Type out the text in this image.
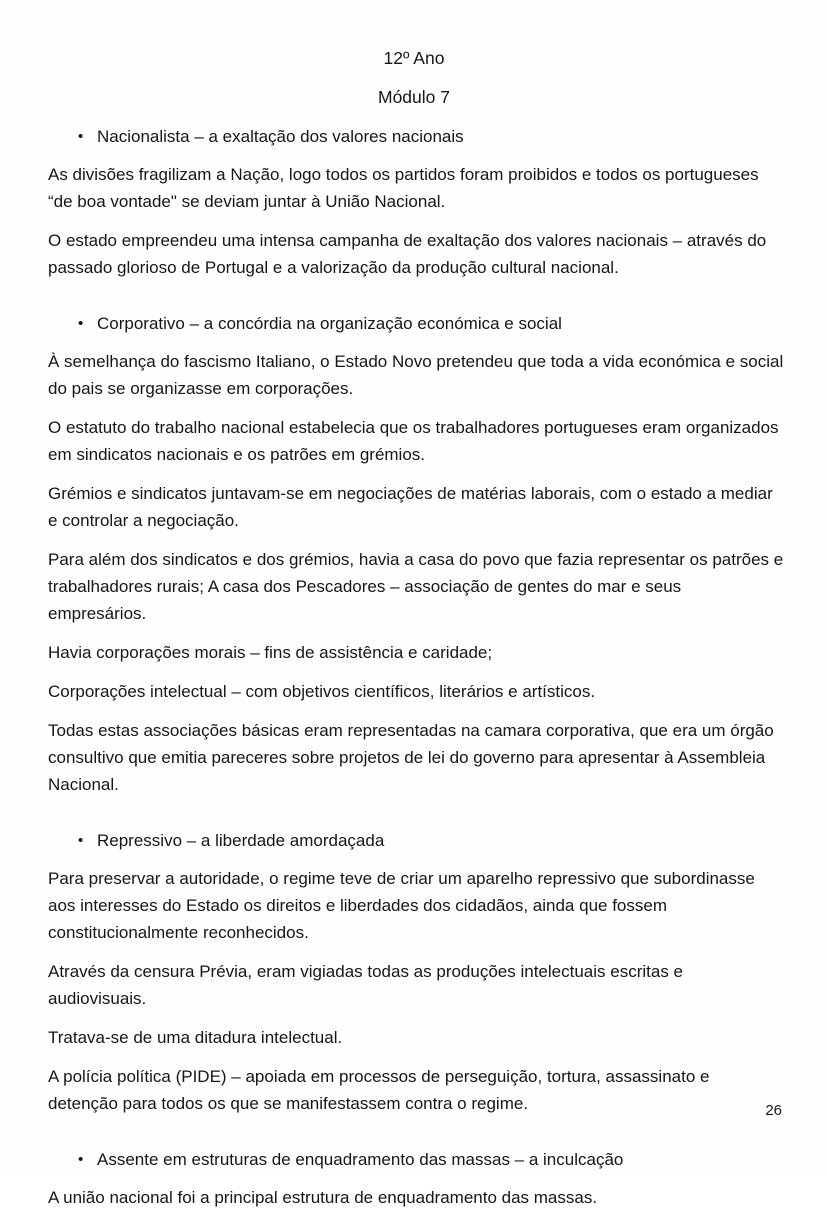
12º Ano
Módulo 7
• Nacionalista – a exaltação dos valores nacionais

As divisões fragilizam a Nação, logo todos os partidos foram proibidos e todos os portugueses “de boa vontade" se deviam juntar à União Nacional.

O estado empreendeu uma intensa campanha de exaltação dos valores nacionais – através do passado glorioso de Portugal e a valorização da produção cultural nacional.

• Corporativo – a concórdia na organização económica e social

À semelhança do fascismo Italiano, o Estado Novo pretendeu que toda a vida económica e social do pais se organizasse em corporações.

O estatuto do trabalho nacional estabelecia que os trabalhadores portugueses eram organizados em sindicatos nacionais e os patrões em grémios.

Grémios e sindicatos juntavam-se em negociações de matérias laborais, com o estado a mediar e controlar a negociação.

Para além dos sindicatos e dos grémios, havia a casa do povo que fazia representar os patrões e trabalhadores rurais; A casa dos Pescadores – associação de gentes do mar e seus empresários.

Havia corporações morais – fins de assistência e caridade;

Corporações intelectual – com objetivos científicos, literários e artísticos.

Todas estas associações básicas eram representadas na camara corporativa, que era um órgão consultivo que emitia pareceres sobre projetos de lei do governo para apresentar à Assembleia Nacional.

• Repressivo – a liberdade amordaçada

Para preservar a autoridade, o regime teve de criar um aparelho repressivo que subordinasse aos interesses do Estado os direitos e liberdades dos cidadãos, ainda que fossem constitucionalmente reconhecidos.

Através da censura Prévia, eram vigiadas todas as produções intelectuais escritas e audiovisuais.

Tratava-se de uma ditadura intelectual.

A polícia política (PIDE) – apoiada em processos de perseguição, tortura, assassinato e detenção para todos os que se manifestassem contra o regime.

• Assente em estruturas de enquadramento das massas – a inculcação

A união nacional foi a principal estrutura de enquadramento das massas.

26
